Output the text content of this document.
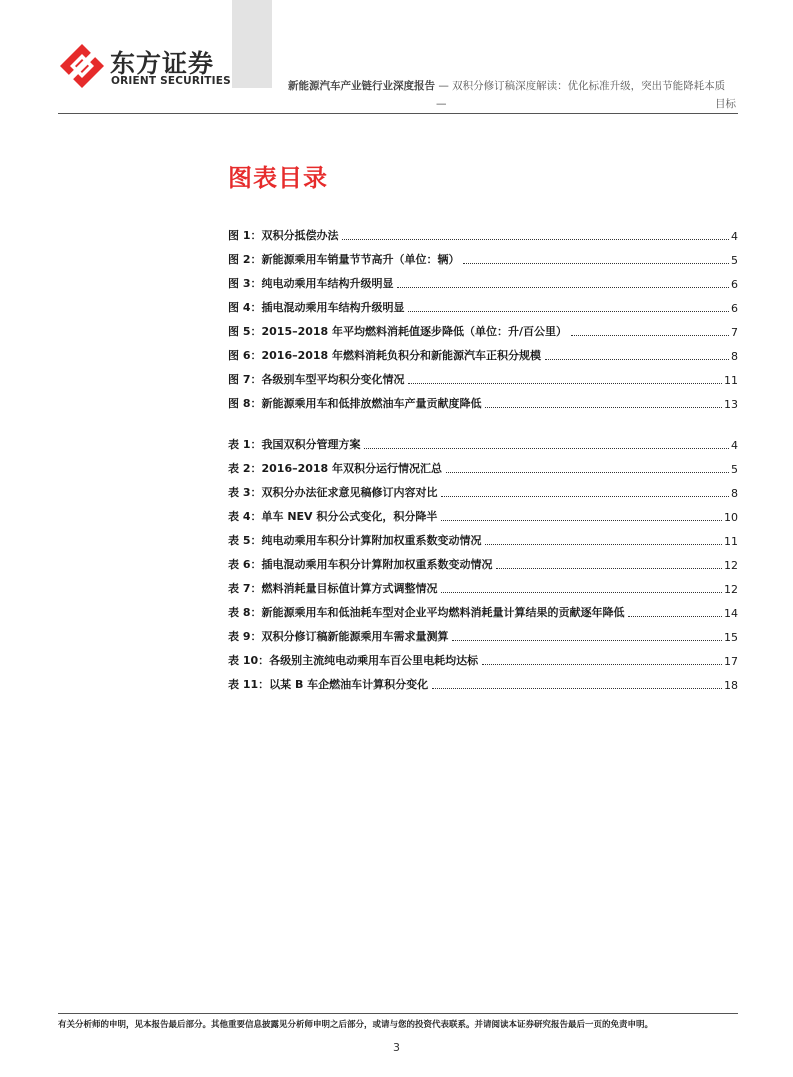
东方证券
ORIENT SECURITIES	新能源汽车产业链行业深度报告 — 双积分修订稿深度解读：优化标准升级，突出节能降耗本质
—	目标
图表目录
图 1：双积分抵偿办法	4
图 2：新能源乘用车销量节节高升（单位：辆）	5
图 3：纯电动乘用车结构升级明显	6
图 4：插电混动乘用车结构升级明显	6
图 5：2015–2018 年平均燃料消耗值逐步降低（单位：升/百公里）	7
图 6：2016–2018 年燃料消耗负积分和新能源汽车正积分规模	8
图 7：各级别车型平均积分变化情况	11
图 8：新能源乘用车和低排放燃油车产量贡献度降低	13
表 1：我国双积分管理方案	4
表 2：2016–2018 年双积分运行情况汇总	5
表 3：双积分办法征求意见稿修订内容对比	8
表 4：单车 NEV 积分公式变化，积分降半	10
表 5：纯电动乘用车积分计算附加权重系数变动情况	11
表 6：插电混动乘用车积分计算附加权重系数变动情况	12
表 7：燃料消耗量目标值计算方式调整情况	12
表 8：新能源乘用车和低油耗车型对企业平均燃料消耗量计算结果的贡献逐年降低	14
表 9：双积分修订稿新能源乘用车需求量测算	15
表 10：各级别主流纯电动乘用车百公里电耗均达标	17
表 11：以某 B 车企燃油车计算积分变化	18
有关分析师的申明，见本报告最后部分。其他重要信息披露见分析师申明之后部分，或请与您的投资代表联系。并请阅读本证券研究报告最后一页的免责申明。
3
